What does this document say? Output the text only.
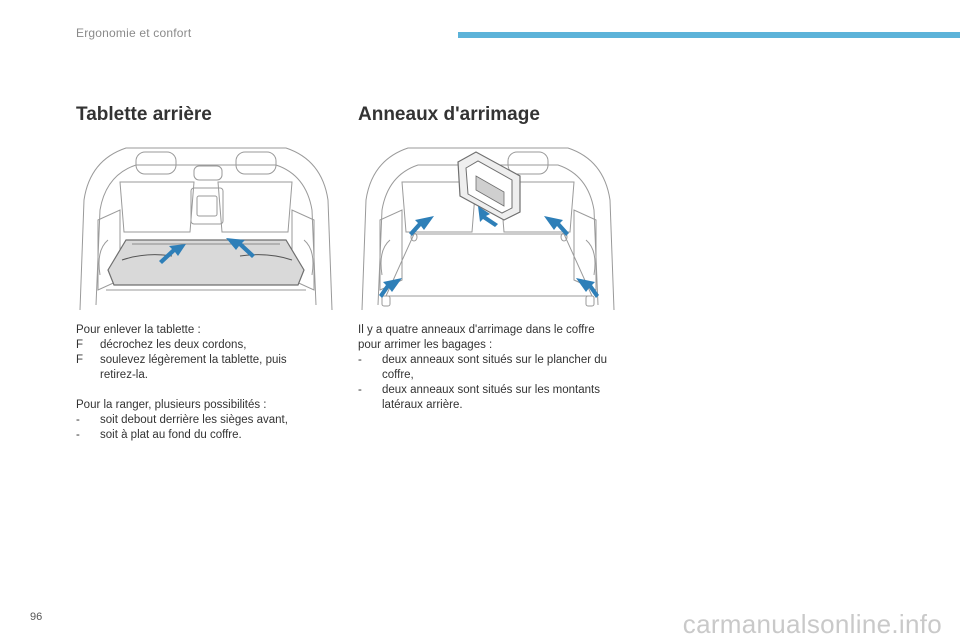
Ergonomie et confort
Tablette arrière

Pour enlever la tablette :

F décrochez les deux cordons,
F soulevez légèrement la tablette, puis retirez-la.

Pour la ranger, plusieurs possibilités :

- soit debout derrière les sièges avant,
- soit à plat au fond du coffre.
Anneaux d'arrimage

Il y a quatre anneaux d'arrimage dans le coffre pour arrimer les bagages :

- deux anneaux sont situés sur le plancher du coffre,
- deux anneaux sont situés sur les montants latéraux arrière.
96	carmanualsonline.info
